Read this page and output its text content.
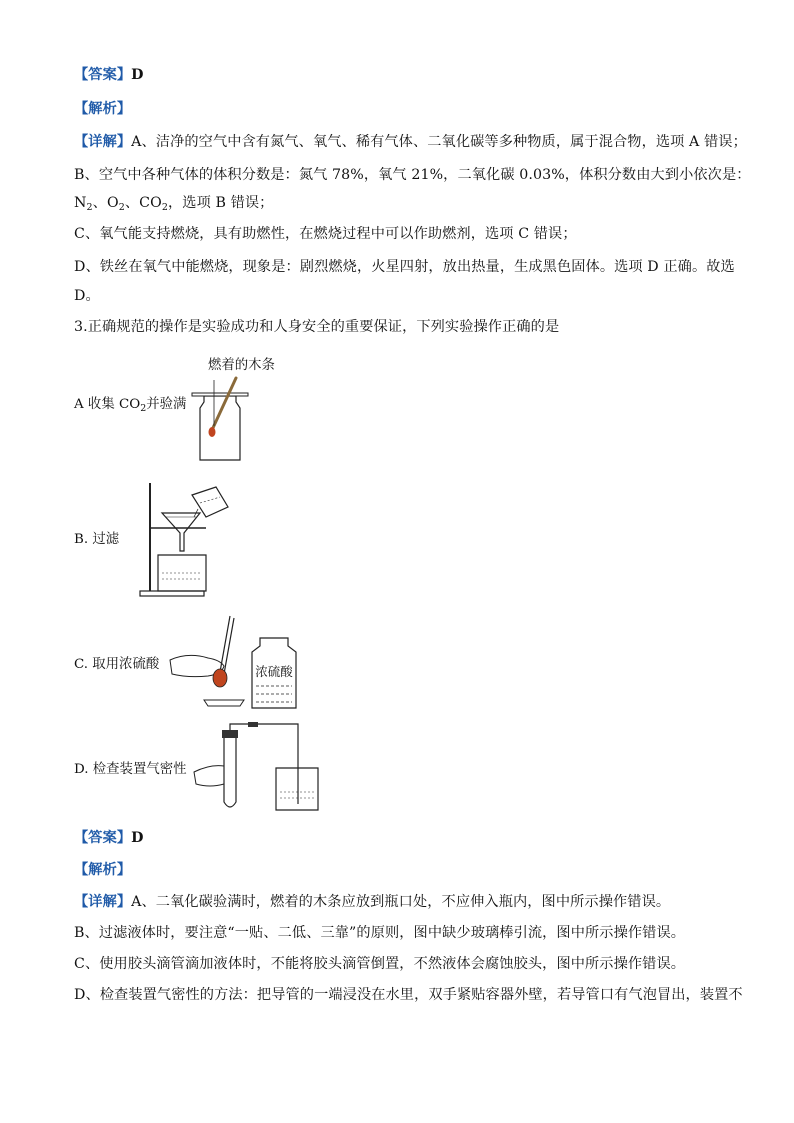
【答案】D
【解析】
【详解】A、洁净的空气中含有氮气、氧气、稀有气体、二氧化碳等多种物质，属于混合物，选项 A 错误；
B、空气中各种气体的体积分数是：氮气 78%，氧气 21%，二氧化碳 0.03%，体积分数由大到小依次是：
$N_2$、$O_2$、$CO_2$，选项 B 错误；
C、氧气能支持燃烧，具有助燃性，在燃烧过程中可以作助燃剂，选项 C 错误；
D、铁丝在氧气中能燃烧，现象是：剧烈燃烧，火星四射，放出热量，生成黑色固体。选项 D 正确。故选
D。
3.正确规范的操作是实验成功和人身安全的重要保证，下列实验操作正确的是
燃着的木条
A 收集 $CO_2$并验满
B. 过滤
C. 取用浓硫酸	浓硫酸
D. 检查装置气密性
【答案】D
【解析】
【详解】A、二氧化碳验满时，燃着的木条应放到瓶口处，不应伸入瓶内，图中所示操作错误。
B、过滤液体时，要注意“一贴、二低、三靠”的原则，图中缺少玻璃棒引流，图中所示操作错误。
C、使用胶头滴管滴加液体时，不能将胶头滴管倒置，不然液体会腐蚀胶头，图中所示操作错误。
D、检查装置气密性的方法：把导管的一端浸没在水里，双手紧贴容器外壁，若导管口有气泡冒出，装置不
